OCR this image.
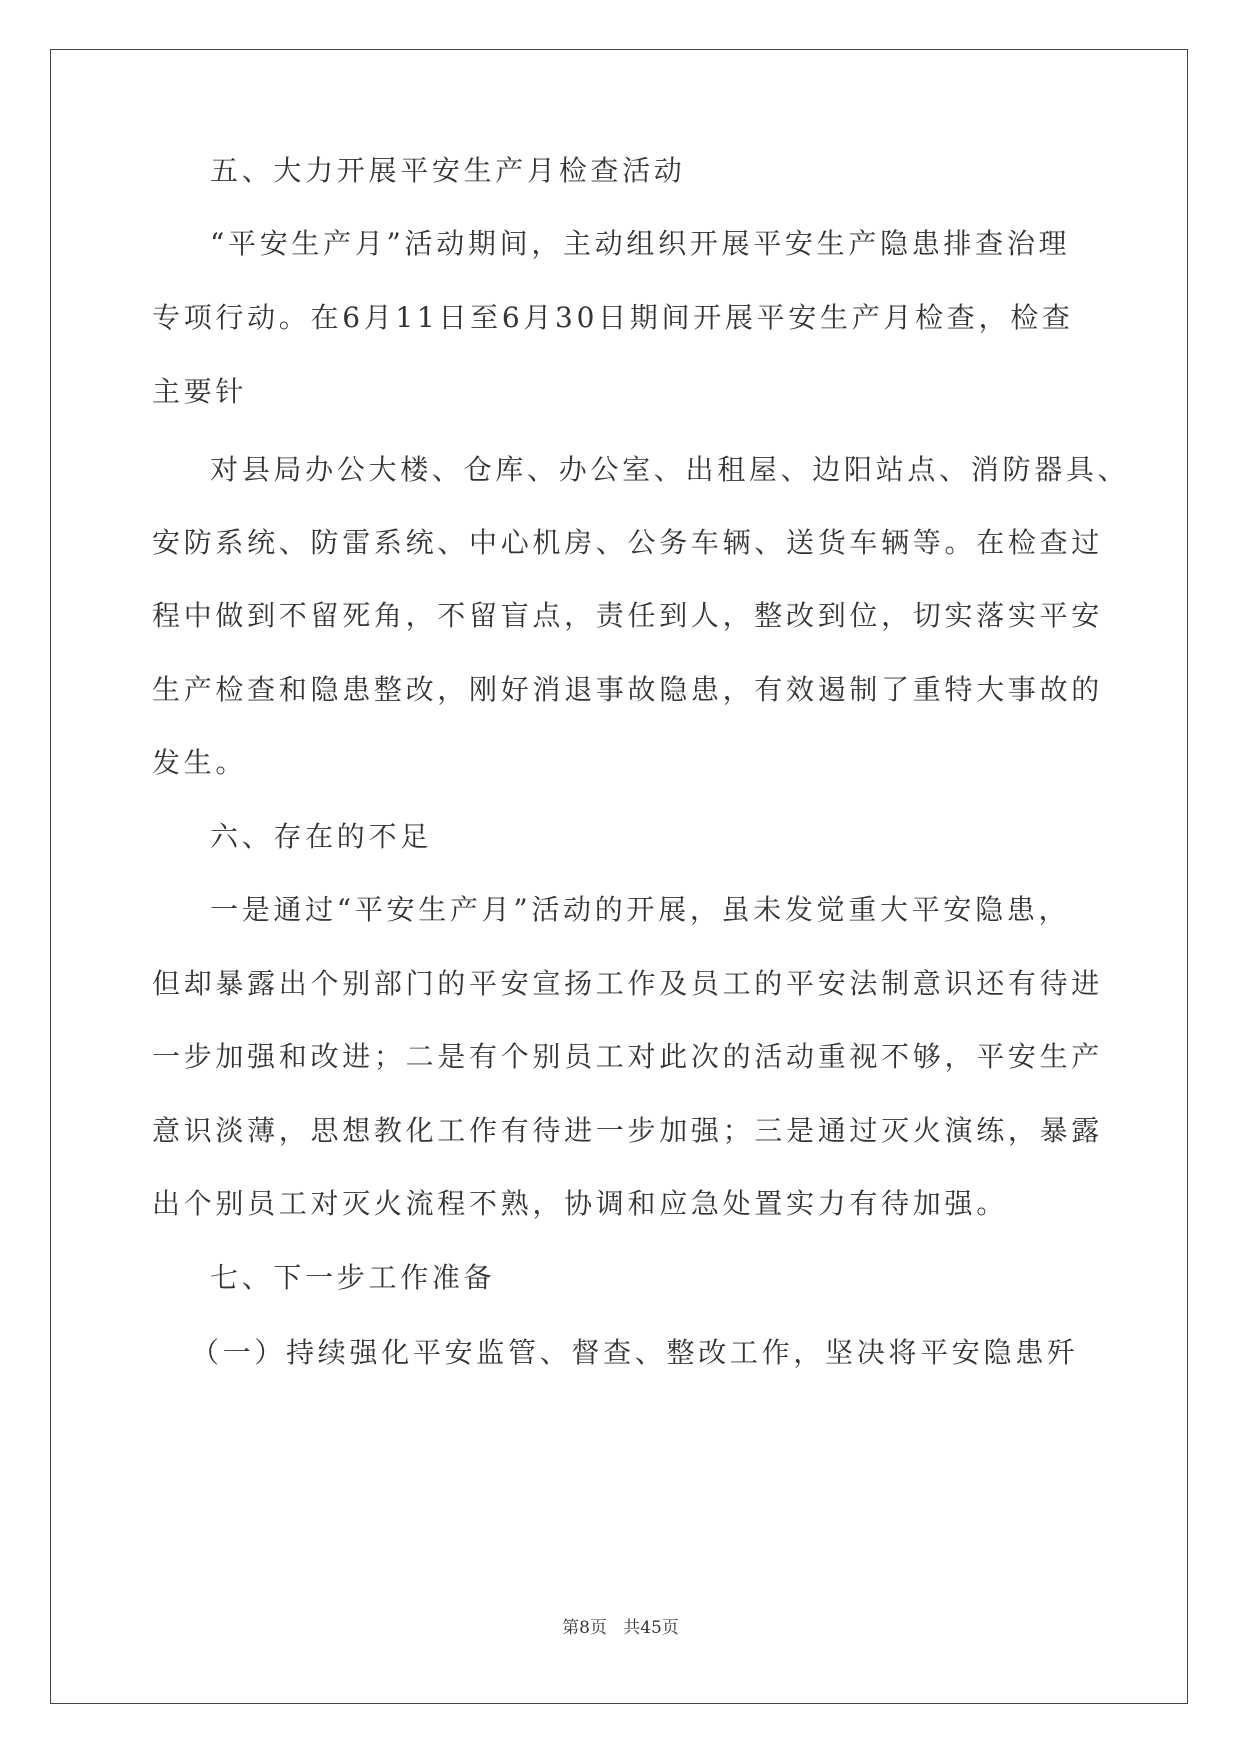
五、大力开展平安生产月检查活动
“平安生产月”活动期间，主动组织开展平安生产隐患排查治理
专项行动。在6月11日至6月30日期间开展平安生产月检查，检查
主要针
对县局办公大楼、仓库、办公室、出租屋、边阳站点、消防器具、
安防系统、防雷系统、中心机房、公务车辆、送货车辆等。在检查过
程中做到不留死角，不留盲点，责任到人，整改到位，切实落实平安
生产检查和隐患整改，刚好消退事故隐患，有效遏制了重特大事故的
发生。
六、存在的不足
一是通过“平安生产月”活动的开展，虽未发觉重大平安隐患，
但却暴露出个别部门的平安宣扬工作及员工的平安法制意识还有待进
一步加强和改进；二是有个别员工对此次的活动重视不够，平安生产
意识淡薄，思想教化工作有待进一步加强；三是通过灭火演练，暴露
出个别员工对灭火流程不熟，协调和应急处置实力有待加强。
七、下一步工作准备
（一）持续强化平安监管、督查、整改工作，坚决将平安隐患歼
第8页 共45页
